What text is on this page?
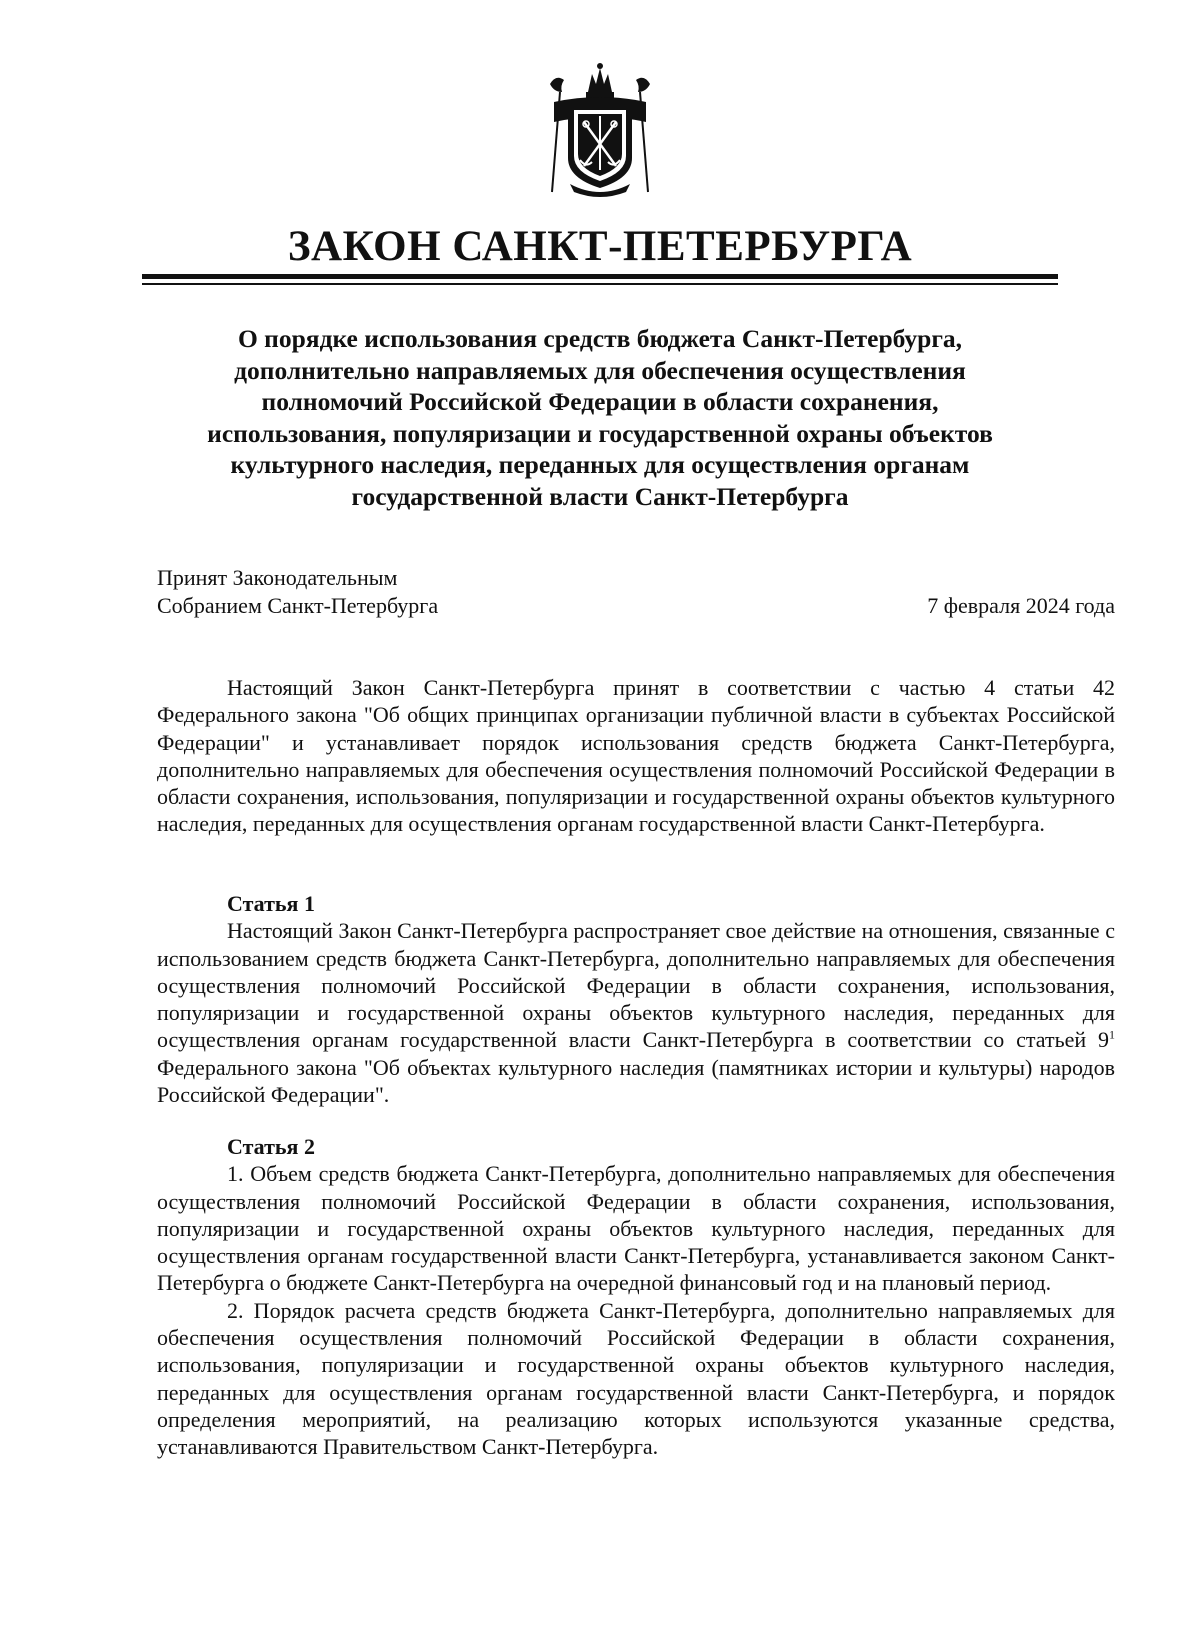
ЗАКОН САНКТ-ПЕТЕРБУРГА
О порядке использования средств бюджета Санкт-Петербурга,
дополнительно направляемых для обеспечения осуществления
полномочий Российской Федерации в области сохранения,
использования, популяризации и государственной охраны объектов
культурного наследия, переданных для осуществления органам
государственной власти Санкт-Петербурга
Принят Законодательным
Собранием Санкт-Петербурга	7 февраля 2024 года

Настоящий Закон Санкт-Петербурга принят в соответствии с частью 4 статьи 42 Федерального закона "Об общих принципах организации публичной власти в субъектах Российской Федерации" и устанавливает порядок использования средств бюджета Санкт-Петербурга, дополнительно направляемых для обеспечения осуществления полномочий Российской Федерации в области сохранения, использования, популяризации и государственной охраны объектов культурного наследия, переданных для осуществления органам государственной власти Санкт-Петербурга.

Статья 1

Настоящий Закон Санкт-Петербурга распространяет свое действие на отношения, связанные с использованием средств бюджета Санкт-Петербурга, дополнительно направляемых для обеспечения осуществления полномочий Российской Федерации в области сохранения, использования, популяризации и государственной охраны объектов культурного наследия, переданных для осуществления органам государственной власти Санкт-Петербурга в соответствии со статьей $9^1$ Федерального закона "Об объектах культурного наследия (памятниках истории и культуры) народов Российской Федерации".

Статья 2

1. Объем средств бюджета Санкт-Петербурга, дополнительно направляемых для обеспечения осуществления полномочий Российской Федерации в области сохранения, использования, популяризации и государственной охраны объектов культурного наследия, переданных для осуществления органам государственной власти Санкт-Петербурга, устанавливается законом Санкт-Петербурга о бюджете Санкт-Петербурга на очередной финансовый год и на плановый период.

2. Порядок расчета средств бюджета Санкт-Петербурга, дополнительно направляемых для обеспечения осуществления полномочий Российской Федерации в области сохранения, использования, популяризации и государственной охраны объектов культурного наследия, переданных для осуществления органам государственной власти Санкт-Петербурга, и порядок определения мероприятий, на реализацию которых используются указанные средства, устанавливаются Правительством Санкт-Петербурга.
